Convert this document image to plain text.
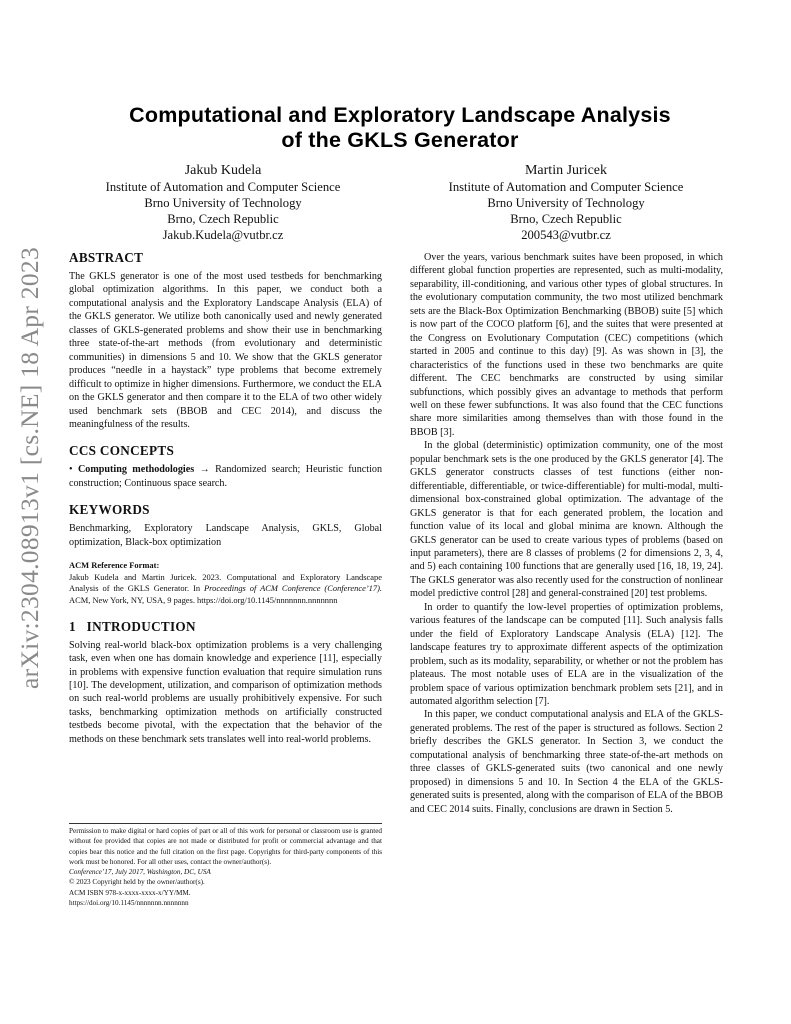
arXiv:2304.08913v1 [cs.NE] 18 Apr 2023
Computational and Exploratory Landscape Analysis
of the GKLS Generator
Jakub Kudela
Institute of Automation and Computer Science
Brno University of Technology
Brno, Czech Republic
Jakub.Kudela@vutbr.cz
Martin Juricek
Institute of Automation and Computer Science
Brno University of Technology
Brno, Czech Republic
200543@vutbr.cz
ABSTRACT

The GKLS generator is one of the most used testbeds for benchmarking global optimization algorithms. In this paper, we conduct both a computational analysis and the Exploratory Landscape Analysis (ELA) of the GKLS generator. We utilize both canonically used and newly generated classes of GKLS-generated problems and show their use in benchmarking three state-of-the-art methods (from evolutionary and deterministic communities) in dimensions 5 and 10. We show that the GKLS generator produces “needle in a haystack” type problems that become extremely difficult to optimize in higher dimensions. Furthermore, we conduct the ELA on the GKLS generator and then compare it to the ELA of two other widely used benchmark sets (BBOB and CEC 2014), and discuss the meaningfulness of the results.

CCS CONCEPTS

• Computing methodologies → Randomized search; Heuristic function construction; Continuous space search.

KEYWORDS

Benchmarking, Exploratory Landscape Analysis, GKLS, Global optimization, Black-box optimization

ACM Reference Format:
Jakub Kudela and Martin Juricek. 2023. Computational and Exploratory Landscape Analysis of the GKLS Generator. In Proceedings of ACM Conference (Conference’17). ACM, New York, NY, USA, 9 pages. https://doi.org/10.1145/nnnnnnn.nnnnnnn
1   INTRODUCTION

Solving real-world black-box optimization problems is a very challenging task, even when one has domain knowledge and experience [11], especially in problems with expensive function evaluation that require simulation runs [10]. The development, utilization, and comparison of optimization methods on such real-world problems are usually prohibitively expensive. For such tasks, benchmarking optimization methods on artificially constructed testbeds become pivotal, with the expectation that the behavior of the methods on these benchmark sets translates well into real-world problems.

Permission to make digital or hard copies of part or all of this work for personal or classroom use is granted without fee provided that copies are not made or distributed for profit or commercial advantage and that copies bear this notice and the full citation on the first page. Copyrights for third-party components of this work must be honored. For all other uses, contact the owner/author(s).
Conference’17, July 2017, Washington, DC, USA
© 2023 Copyright held by the owner/author(s).
ACM ISBN 978-x-xxxx-xxxx-x/YY/MM.
https://doi.org/10.1145/nnnnnnn.nnnnnnn

Over the years, various benchmark suites have been proposed, in which different global function properties are represented, such as multi-modality, separability, ill-conditioning, and various other types of global structures. In the evolutionary computation community, the two most utilized benchmark sets are the Black-Box Optimization Benchmarking (BBOB) suite [5] which is now part of the COCO platform [6], and the suites that were presented at the Congress on Evolutionary Computation (CEC) competitions (which started in 2005 and continue to this day) [9]. As was shown in [3], the characteristics of the functions used in these two benchmarks are quite different. The CEC benchmarks are constructed by using similar subfunctions, which possibly gives an advantage to methods that perform well on these fewer subfunctions. It was also found that the CEC functions share more similarities among themselves than with those found in the BBOB [3].

In the global (deterministic) optimization community, one of the most popular benchmark sets is the one produced by the GKLS generator [4]. The GKLS generator constructs classes of test functions (either non-differentiable, differentiable, or twice-differentiable) for multi-modal, multi-dimensional box-constrained global optimization. The advantage of the GKLS generator is that for each generated problem, the location and function value of its local and global minima are known. Although the GKLS generator can be used to create various types of problems (based on input parameters), there are 8 classes of problems (2 for dimensions 2, 3, 4, and 5) each containing 100 functions that are generally used [16, 18, 19, 24]. The GKLS generator was also recently used for the construction of nonlinear model predictive control [28] and general-constrained [20] test problems.

In order to quantify the low-level properties of optimization problems, various features of the landscape can be computed [11]. Such analysis falls under the field of Exploratory Landscape Analysis (ELA) [12]. The landscape features try to approximate different aspects of the optimization problem, such as its modality, separability, or whether or not the problem has plateaus. The most notable uses of ELA are in the visualization of the problem space of various optimization benchmark problem sets [21], and in automated algorithm selection [7].

In this paper, we conduct computational analysis and ELA of the GKLS-generated problems. The rest of the paper is structured as follows. Section 2 briefly describes the GKLS generator. In Section 3, we conduct the computational analysis of benchmarking three state-of-the-art methods on three classes of GKLS-generated suits (two canonical and one newly proposed) in dimensions 5 and 10. In Section 4 the ELA of the GKLS-generated suits is presented, along with the comparison of ELA of the BBOB and CEC 2014 suits. Finally, conclusions are drawn in Section 5.
